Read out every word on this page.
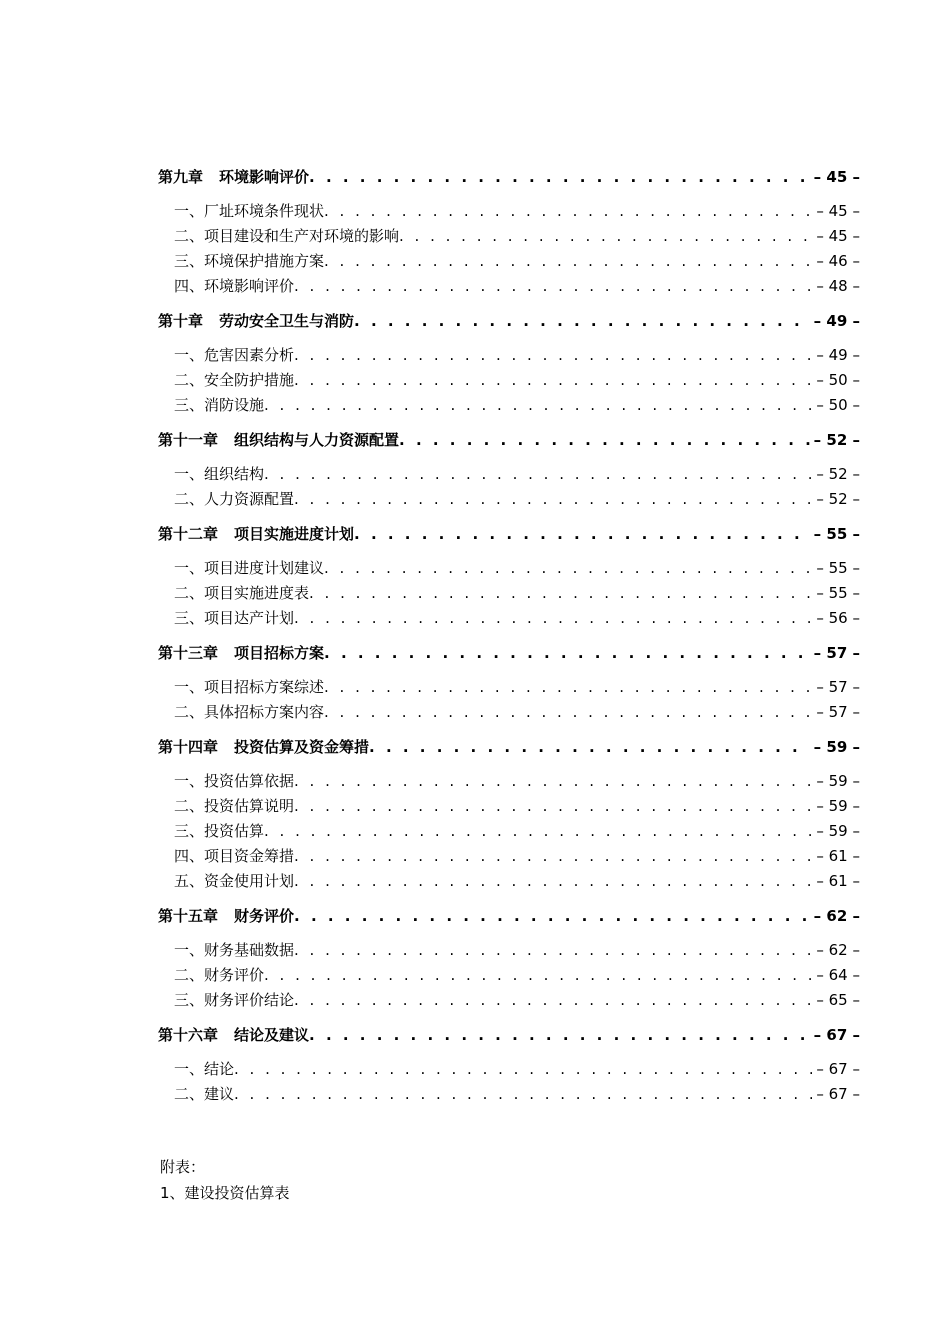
第九章	环境影响评价 . . .	– 45 –
一、厂址环境条件现状 . . .	– 45 –
二、项目建设和生产对环境的影响 . . .	– 45 –
三、环境保护措施方案 . . .	– 46 –
四、环境影响评价 . . .	– 48 –
第十章	劳动安全卫生与消防 . . .	– 49 –
一、危害因素分析 . . .	– 49 –
二、安全防护措施 . . .	– 50 –
三、消防设施 . . .	– 50 –
第十一章	组织结构与人力资源配置 . . .	– 52 –
一、组织结构 . . .	– 52 –
二、人力资源配置 . . .	– 52 –
第十二章	项目实施进度计划 . . .	– 55 –
一、项目进度计划建议 . . .	– 55 –
二、项目实施进度表 . . .	– 55 –
三、项目达产计划 . . .	– 56 –
第十三章	项目招标方案 . . .	– 57 –
一、项目招标方案综述 . . .	– 57 –
二、具体招标方案内容 . . .	– 57 –
第十四章	投资估算及资金筹措 . . .	– 59 –
一、投资估算依据 . . .	– 59 –
二、投资估算说明 . . .	– 59 –
三、投资估算 . . .	– 59 –
四、项目资金筹措 . . .	– 61 –
五、资金使用计划 . . .	– 61 –
第十五章	财务评价 . . .	– 62 –
一、财务基础数据 . . .	– 62 –
二、财务评价 . . .	– 64 –
三、财务评价结论 . . .	– 65 –
第十六章	结论及建议 . . .	– 67 –
一、结论 . . .	– 67 –
二、建议 . . .	– 67 –
附表：
1、建设投资估算表
